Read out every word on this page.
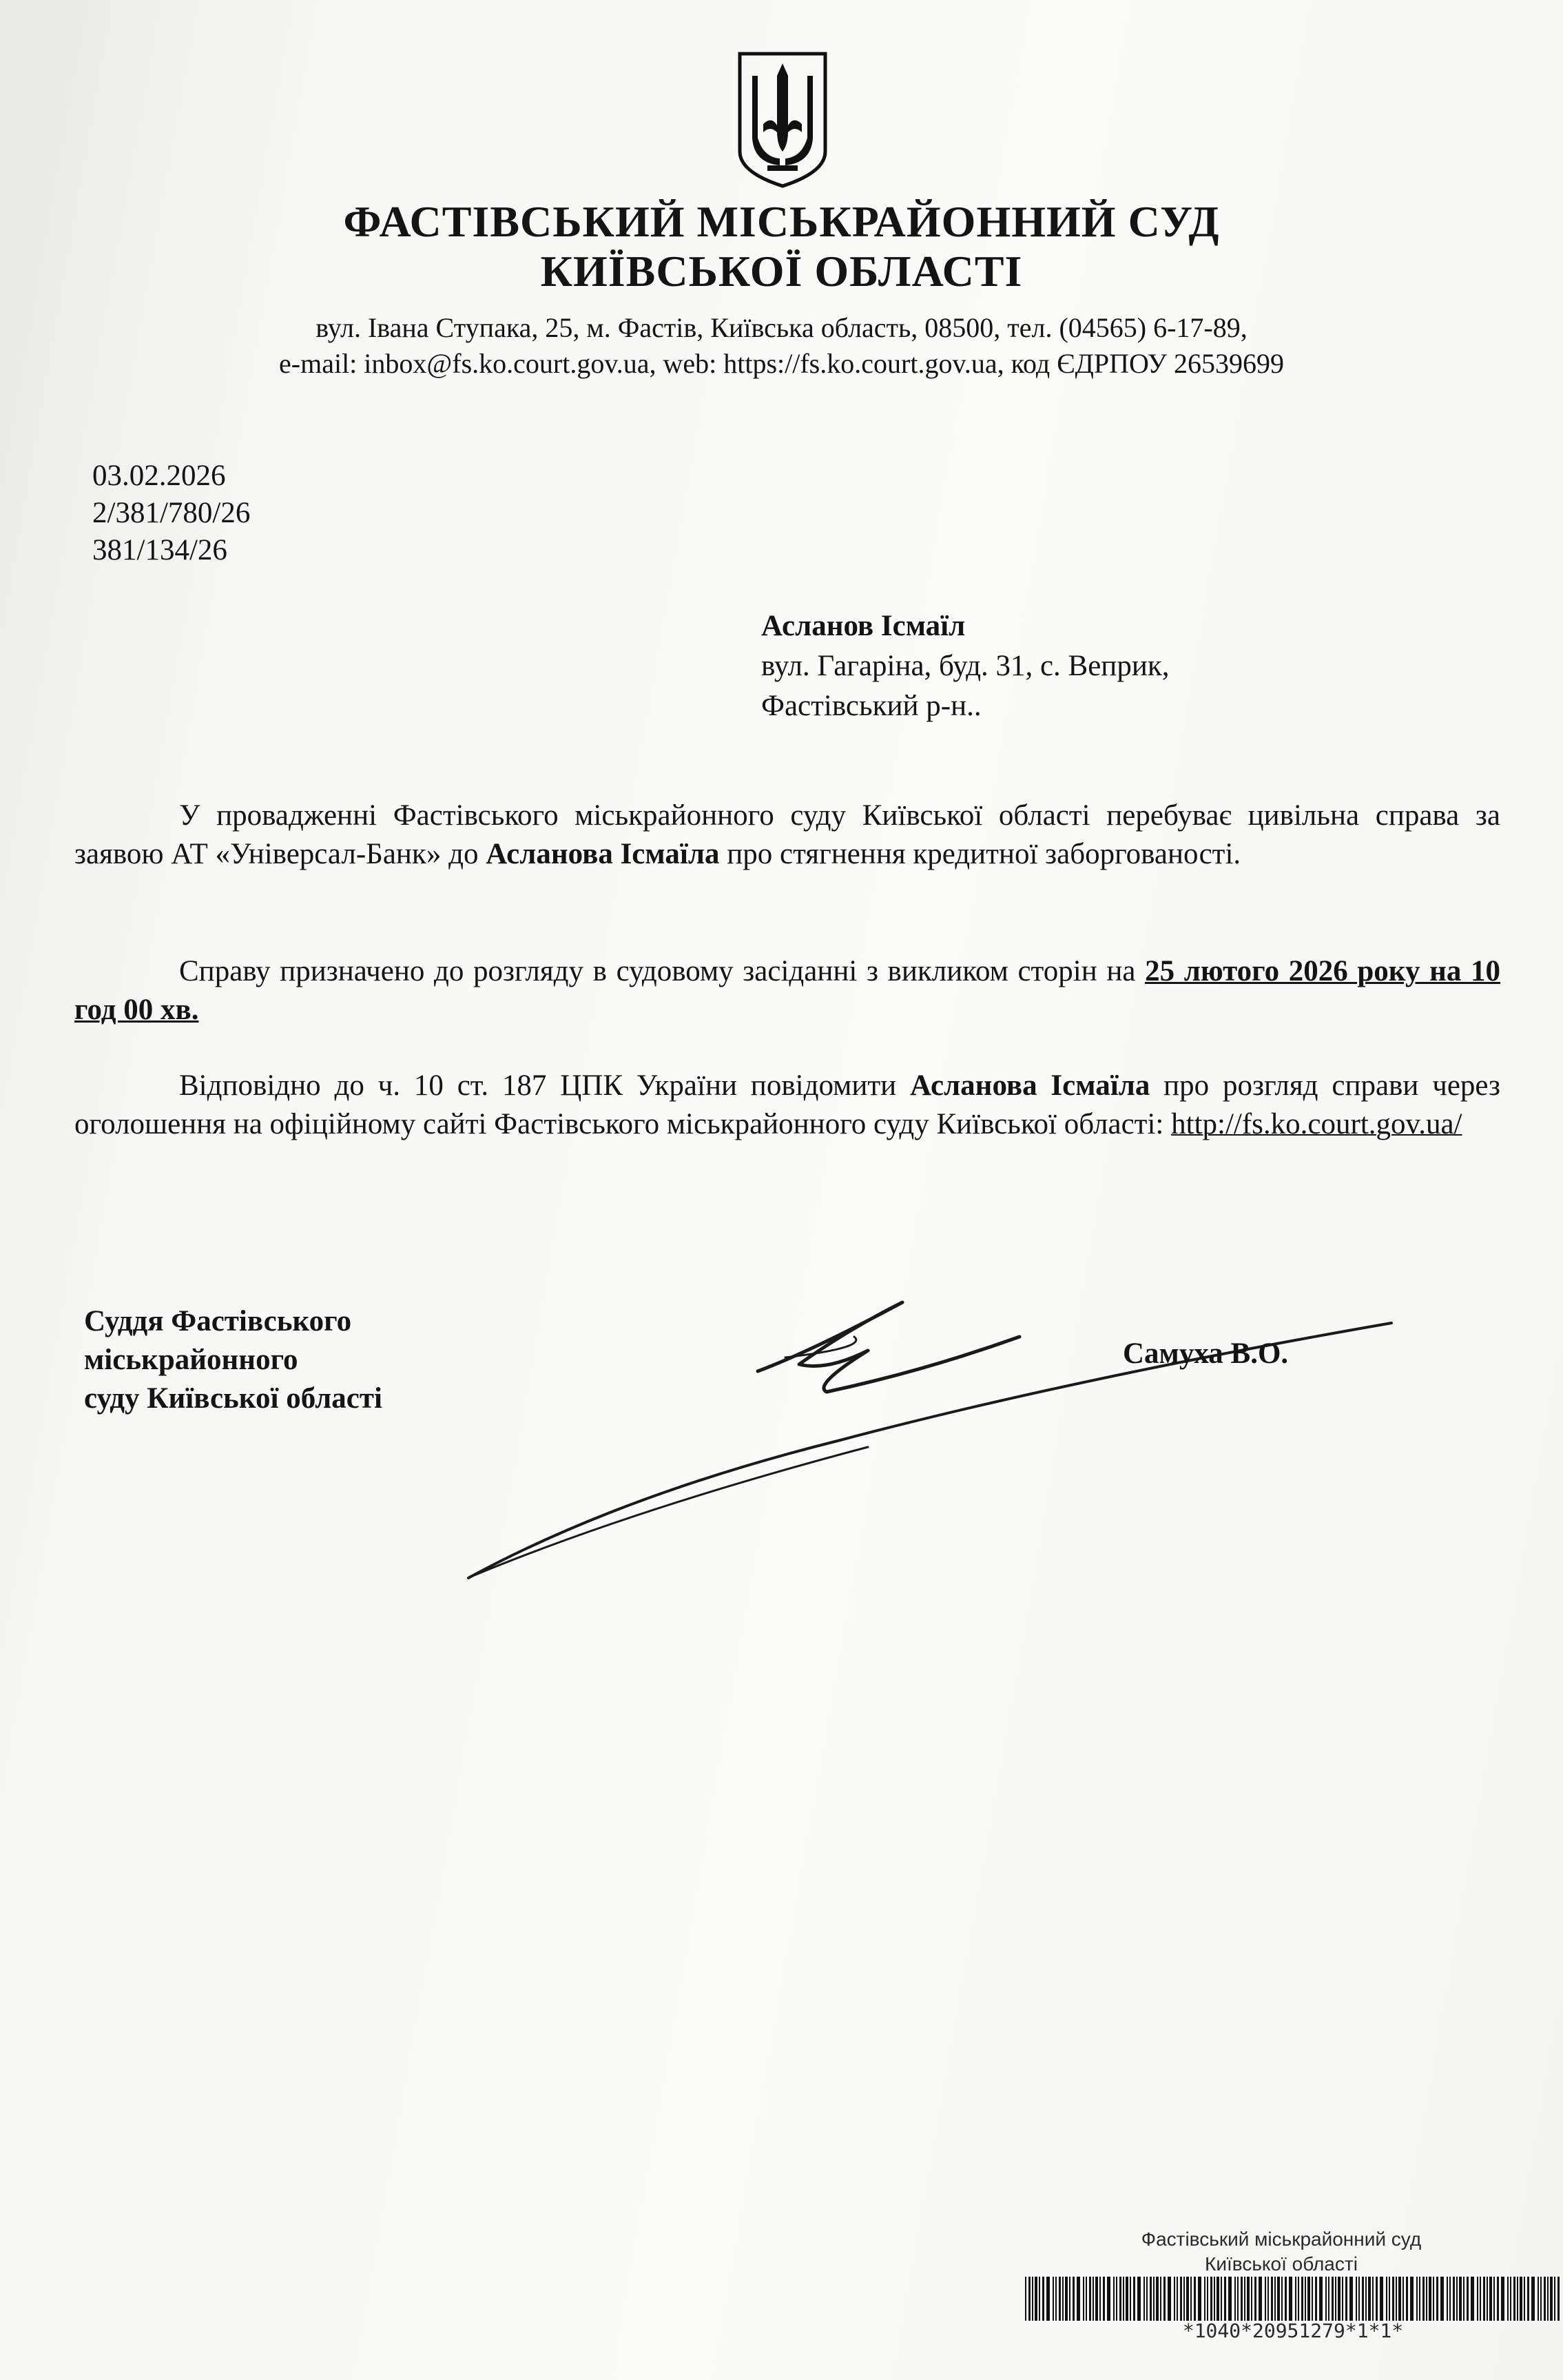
ФАСТІВСЬКИЙ МІСЬКРАЙОННИЙ СУД
КИЇВСЬКОЇ ОБЛАСТІ
вул. Івана Ступака, 25, м. Фастів, Київська область, 08500, тел. (04565) 6-17-89,
e-mail: inbox@fs.ko.court.gov.ua, web: https://fs.ko.court.gov.ua, код ЄДРПОУ 26539699
03.02.2026
2/381/780/26
381/134/26
Асланов Ісмаїл
вул. Гагаріна, буд. 31, с. Веприк,
Фастівський р-н..

У провадженні Фастівського міськрайонного суду Київської області перебуває цивільна справа за заявою АТ «Універсал-Банк» до Асланова Ісмаїла про стягнення кредитної заборгованості.

Справу призначено до розгляду в судовому засіданні з викликом сторін на 25 лютого 2026 року на 10 год 00 хв.

Відповідно до ч. 10 ст. 187 ЦПК України повідомити Асланова Ісмаїла про розгляд справи через оголошення на офіційному сайті Фастівського міськрайонного суду Київської області: http://fs.ko.court.gov.ua/

Суддя Фастівського
міськрайонного
суду Київської області
Самуха В.О.
Фастівський міськрайонний суд
Київської області
*1040*20951279*1*1*
